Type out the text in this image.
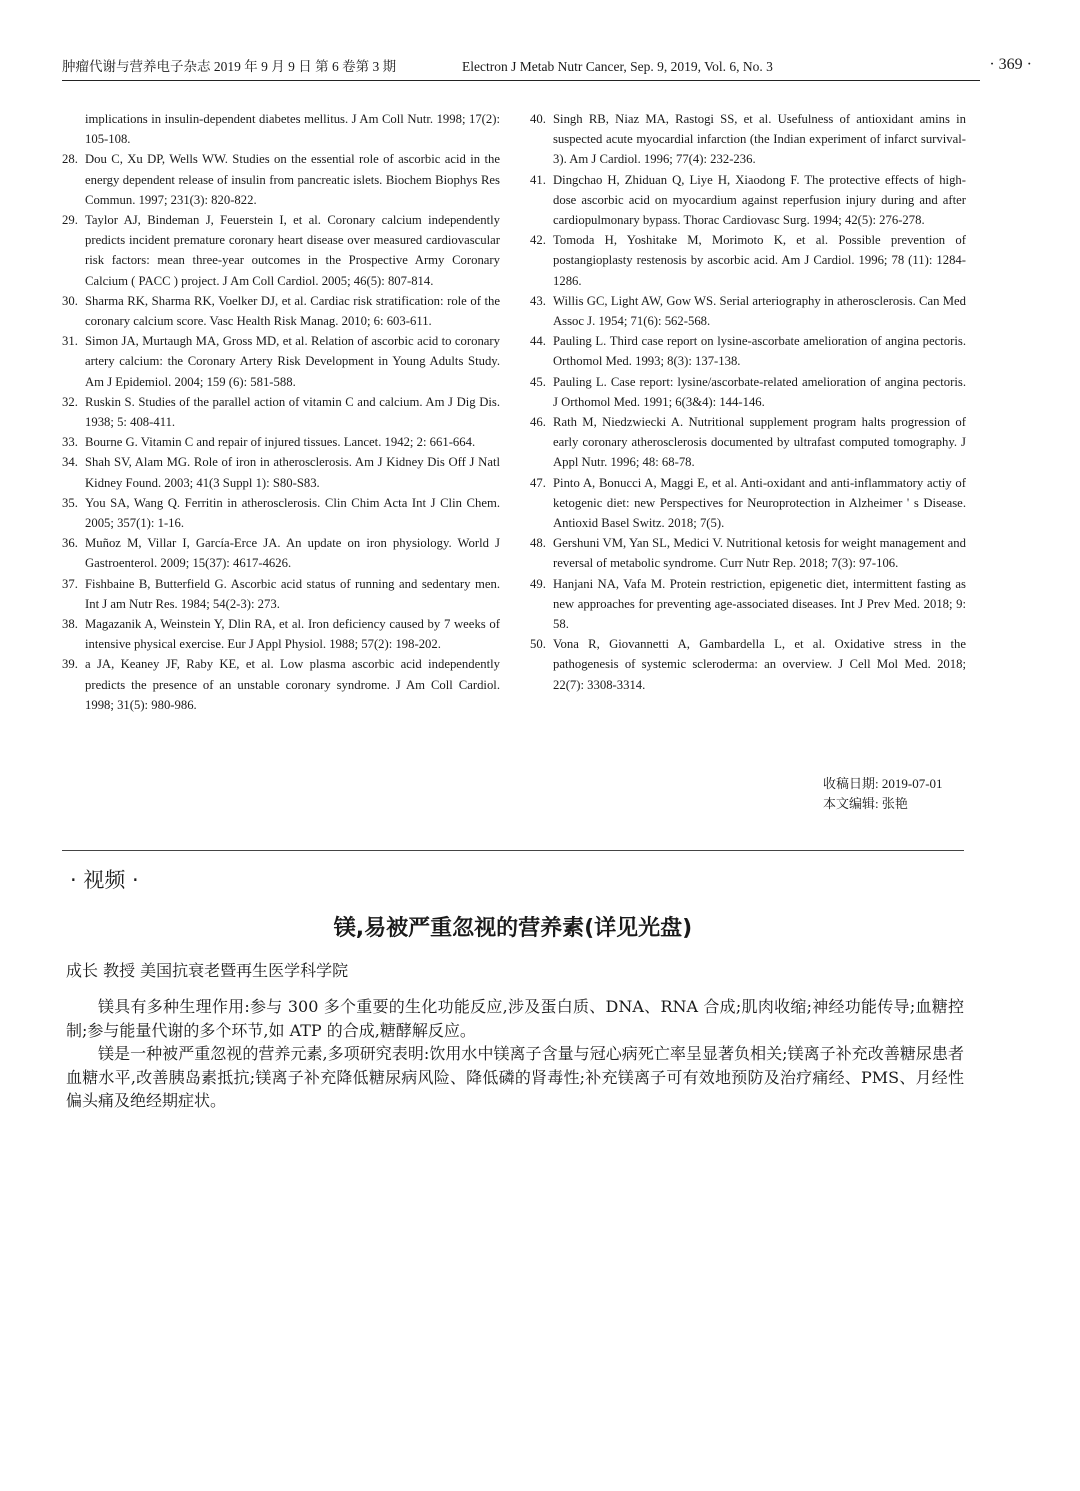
肿瘤代谢与营养电子杂志 2019 年 9 月 9 日 第 6 卷第 3 期	Electron J Metab Nutr Cancer, Sep. 9, 2019, Vol. 6, No. 3	· 369 ·
implications in insulin-dependent diabetes mellitus. J Am Coll Nutr. 1998; 17(2): 105-108.
28. Dou C, Xu DP, Wells WW. Studies on the essential role of ascorbic acid in the energy dependent release of insulin from pancreatic islets. Biochem Biophys Res Commun. 1997; 231(3): 820-822.
29. Taylor AJ, Bindeman J, Feuerstein I, et al. Coronary calcium independently predicts incident premature coronary heart disease over measured cardiovascular risk factors: mean three-year outcomes in the Prospective Army Coronary Calcium ( PACC ) project. J Am Coll Cardiol. 2005; 46(5): 807-814.
30. Sharma RK, Sharma RK, Voelker DJ, et al. Cardiac risk stratification: role of the coronary calcium score. Vasc Health Risk Manag. 2010; 6: 603-611.
31. Simon JA, Murtaugh MA, Gross MD, et al. Relation of ascorbic acid to coronary artery calcium: the Coronary Artery Risk Development in Young Adults Study. Am J Epidemiol. 2004; 159 (6): 581-588.
32. Ruskin S. Studies of the parallel action of vitamin C and calcium. Am J Dig Dis. 1938; 5: 408-411.
33. Bourne G. Vitamin C and repair of injured tissues. Lancet. 1942; 2: 661-664.
34. Shah SV, Alam MG. Role of iron in atherosclerosis. Am J Kidney Dis Off J Natl Kidney Found. 2003; 41(3 Suppl 1): S80-S83.
35. You SA, Wang Q. Ferritin in atherosclerosis. Clin Chim Acta Int J Clin Chem. 2005; 357(1): 1-16.
36. Muñoz M, Villar I, García-Erce JA. An update on iron physiology. World J Gastroenterol. 2009; 15(37): 4617-4626.
37. Fishbaine B, Butterfield G. Ascorbic acid status of running and sedentary men. Int J am Nutr Res. 1984; 54(2-3): 273.
38. Magazanik A, Weinstein Y, Dlin RA, et al. Iron deficiency caused by 7 weeks of intensive physical exercise. Eur J Appl Physiol. 1988; 57(2): 198-202.
39. a JA, Keaney JF, Raby KE, et al. Low plasma ascorbic acid independently predicts the presence of an unstable coronary syndrome. J Am Coll Cardiol. 1998; 31(5): 980-986.
40. Singh RB, Niaz MA, Rastogi SS, et al. Usefulness of antioxidant amins in suspected acute myocardial infarction (the Indian experiment of infarct survival-3). Am J Cardiol. 1996; 77(4): 232-236.
41. Dingchao H, Zhiduan Q, Liye H, Xiaodong F. The protective effects of high-dose ascorbic acid on myocardium against reperfusion injury during and after cardiopulmonary bypass. Thorac Cardiovasc Surg. 1994; 42(5): 276-278.
42. Tomoda H, Yoshitake M, Morimoto K, et al. Possible prevention of postangioplasty restenosis by ascorbic acid. Am J Cardiol. 1996; 78 (11): 1284-1286.
43. Willis GC, Light AW, Gow WS. Serial arteriography in atherosclerosis. Can Med Assoc J. 1954; 71(6): 562-568.
44. Pauling L. Third case report on lysine-ascorbate amelioration of angina pectoris. Orthomol Med. 1993; 8(3): 137-138.
45. Pauling L. Case report: lysine/ascorbate-related amelioration of angina pectoris. J Orthomol Med. 1991; 6(3&4): 144-146.
46. Rath M, Niedzwiecki A. Nutritional supplement program halts progression of early coronary atherosclerosis documented by ultrafast computed tomography. J Appl Nutr. 1996; 48: 68-78.
47. Pinto A, Bonucci A, Maggi E, et al. Anti-oxidant and anti-inflammatory actiy of ketogenic diet: new Perspectives for Neuroprotection in Alzheimer ' s Disease. Antioxid Basel Switz. 2018; 7(5).
48. Gershuni VM, Yan SL, Medici V. Nutritional ketosis for weight management and reversal of metabolic syndrome. Curr Nutr Rep. 2018; 7(3): 97-106.
49. Hanjani NA, Vafa M. Protein restriction, epigenetic diet, intermittent fasting as new approaches for preventing age-associated diseases. Int J Prev Med. 2018; 9: 58.
50. Vona R, Giovannetti A, Gambardella L, et al. Oxidative stress in the pathogenesis of systemic scleroderma: an overview. J Cell Mol Med. 2018; 22(7): 3308-3314.
收稿日期: 2019-07-01
本文编辑: 张艳
· 视频 ·
镁,易被严重忽视的营养素(详见光盘)
成长 教授 美国抗衰老暨再生医学科学院

镁具有多种生理作用:参与 300 多个重要的生化功能反应,涉及蛋白质、DNA、RNA 合成;肌肉收缩;神经功能传导;血糖控制;参与能量代谢的多个环节,如 ATP 的合成,糖酵解反应。

镁是一种被严重忽视的营养元素,多项研究表明:饮用水中镁离子含量与冠心病死亡率呈显著负相关;镁离子补充改善糖尿患者血糖水平,改善胰岛素抵抗;镁离子补充降低糖尿病风险、降低磷的肾毒性;补充镁离子可有效地预防及治疗痛经、PMS、月经性偏头痛及绝经期症状。
